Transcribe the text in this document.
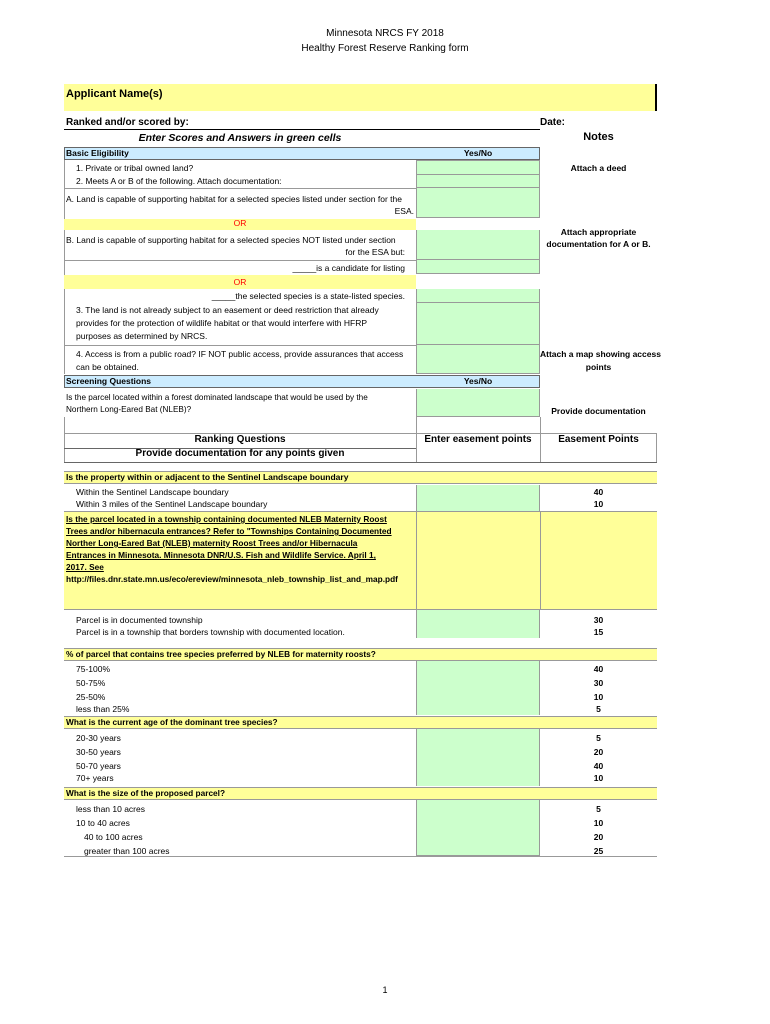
Minnesota NRCS FY 2018
Healthy Forest Reserve Ranking form
Applicant Name(s)
Ranked and/or scored by:	Date:
Enter Scores and Answers in green cells	Notes
Basic Eligibility	Yes/No
1. Private or tribal owned land?	Attach a deed
2. Meets A or B of the following. Attach documentation:
A. Land is capable of supporting habitat for a selected species listed under section for the
ESA.
OR
B. Land is capable of supporting habitat for a selected species NOT listed under section
for the ESA but:
Attach appropriate
documentation for A or B.
_____is a candidate for listing
OR
_____the selected species is a state-listed species.
3. The land is not already subject to an easement or deed restriction that already
provides for the protection of wildlife habitat or that would interfere with HFRP
purposes as determined by NRCS.
4. Access is from a public road? IF NOT public access, provide assurances that access
can be obtained.
Attach a map showing access
points
Screening Questions	Yes/No
Is the parcel located within a forest dominated landscape that would be used by the
Northern Long-Eared Bat (NLEB)?	Provide documentation
Ranking Questions
Provide documentation for any points given
Enter easement points	Easement Points
Is the property within or adjacent to the Sentinel Landscape boundary
Within the Sentinel Landscape boundary	40
Within 3 miles of the Sentinel Landscape boundary	10
Is the parcel located in a township containing documented NLEB Maternity Roost
Trees and/or hibernacula entrances? Refer to "Townships Containing Documented
Norther Long-Eared Bat (NLEB) maternity Roost Trees and/or Hibernacula
Entrances in Minnesota. Minnesota DNR/U.S. Fish and Wildlife Service. April 1,
2017. See
http://files.dnr.state.mn.us/eco/ereview/minnesota_nleb_township_list_and_map.pdf
Parcel is in documented township	30
Parcel is in a township that borders township with documented location.	15
% of parcel that contains tree species preferred by NLEB for maternity roosts?
75-100%	40
50-75%	30
25-50%	10
less than 25%	5
What is the current age of the dominant tree species?
20-30 years	5
30-50 years	20
50-70 years	40
70+ years	10
What is the size of the proposed parcel?
less than 10 acres	5
10 to 40 acres	10
40 to 100 acres	20
greater than 100 acres	25
1
